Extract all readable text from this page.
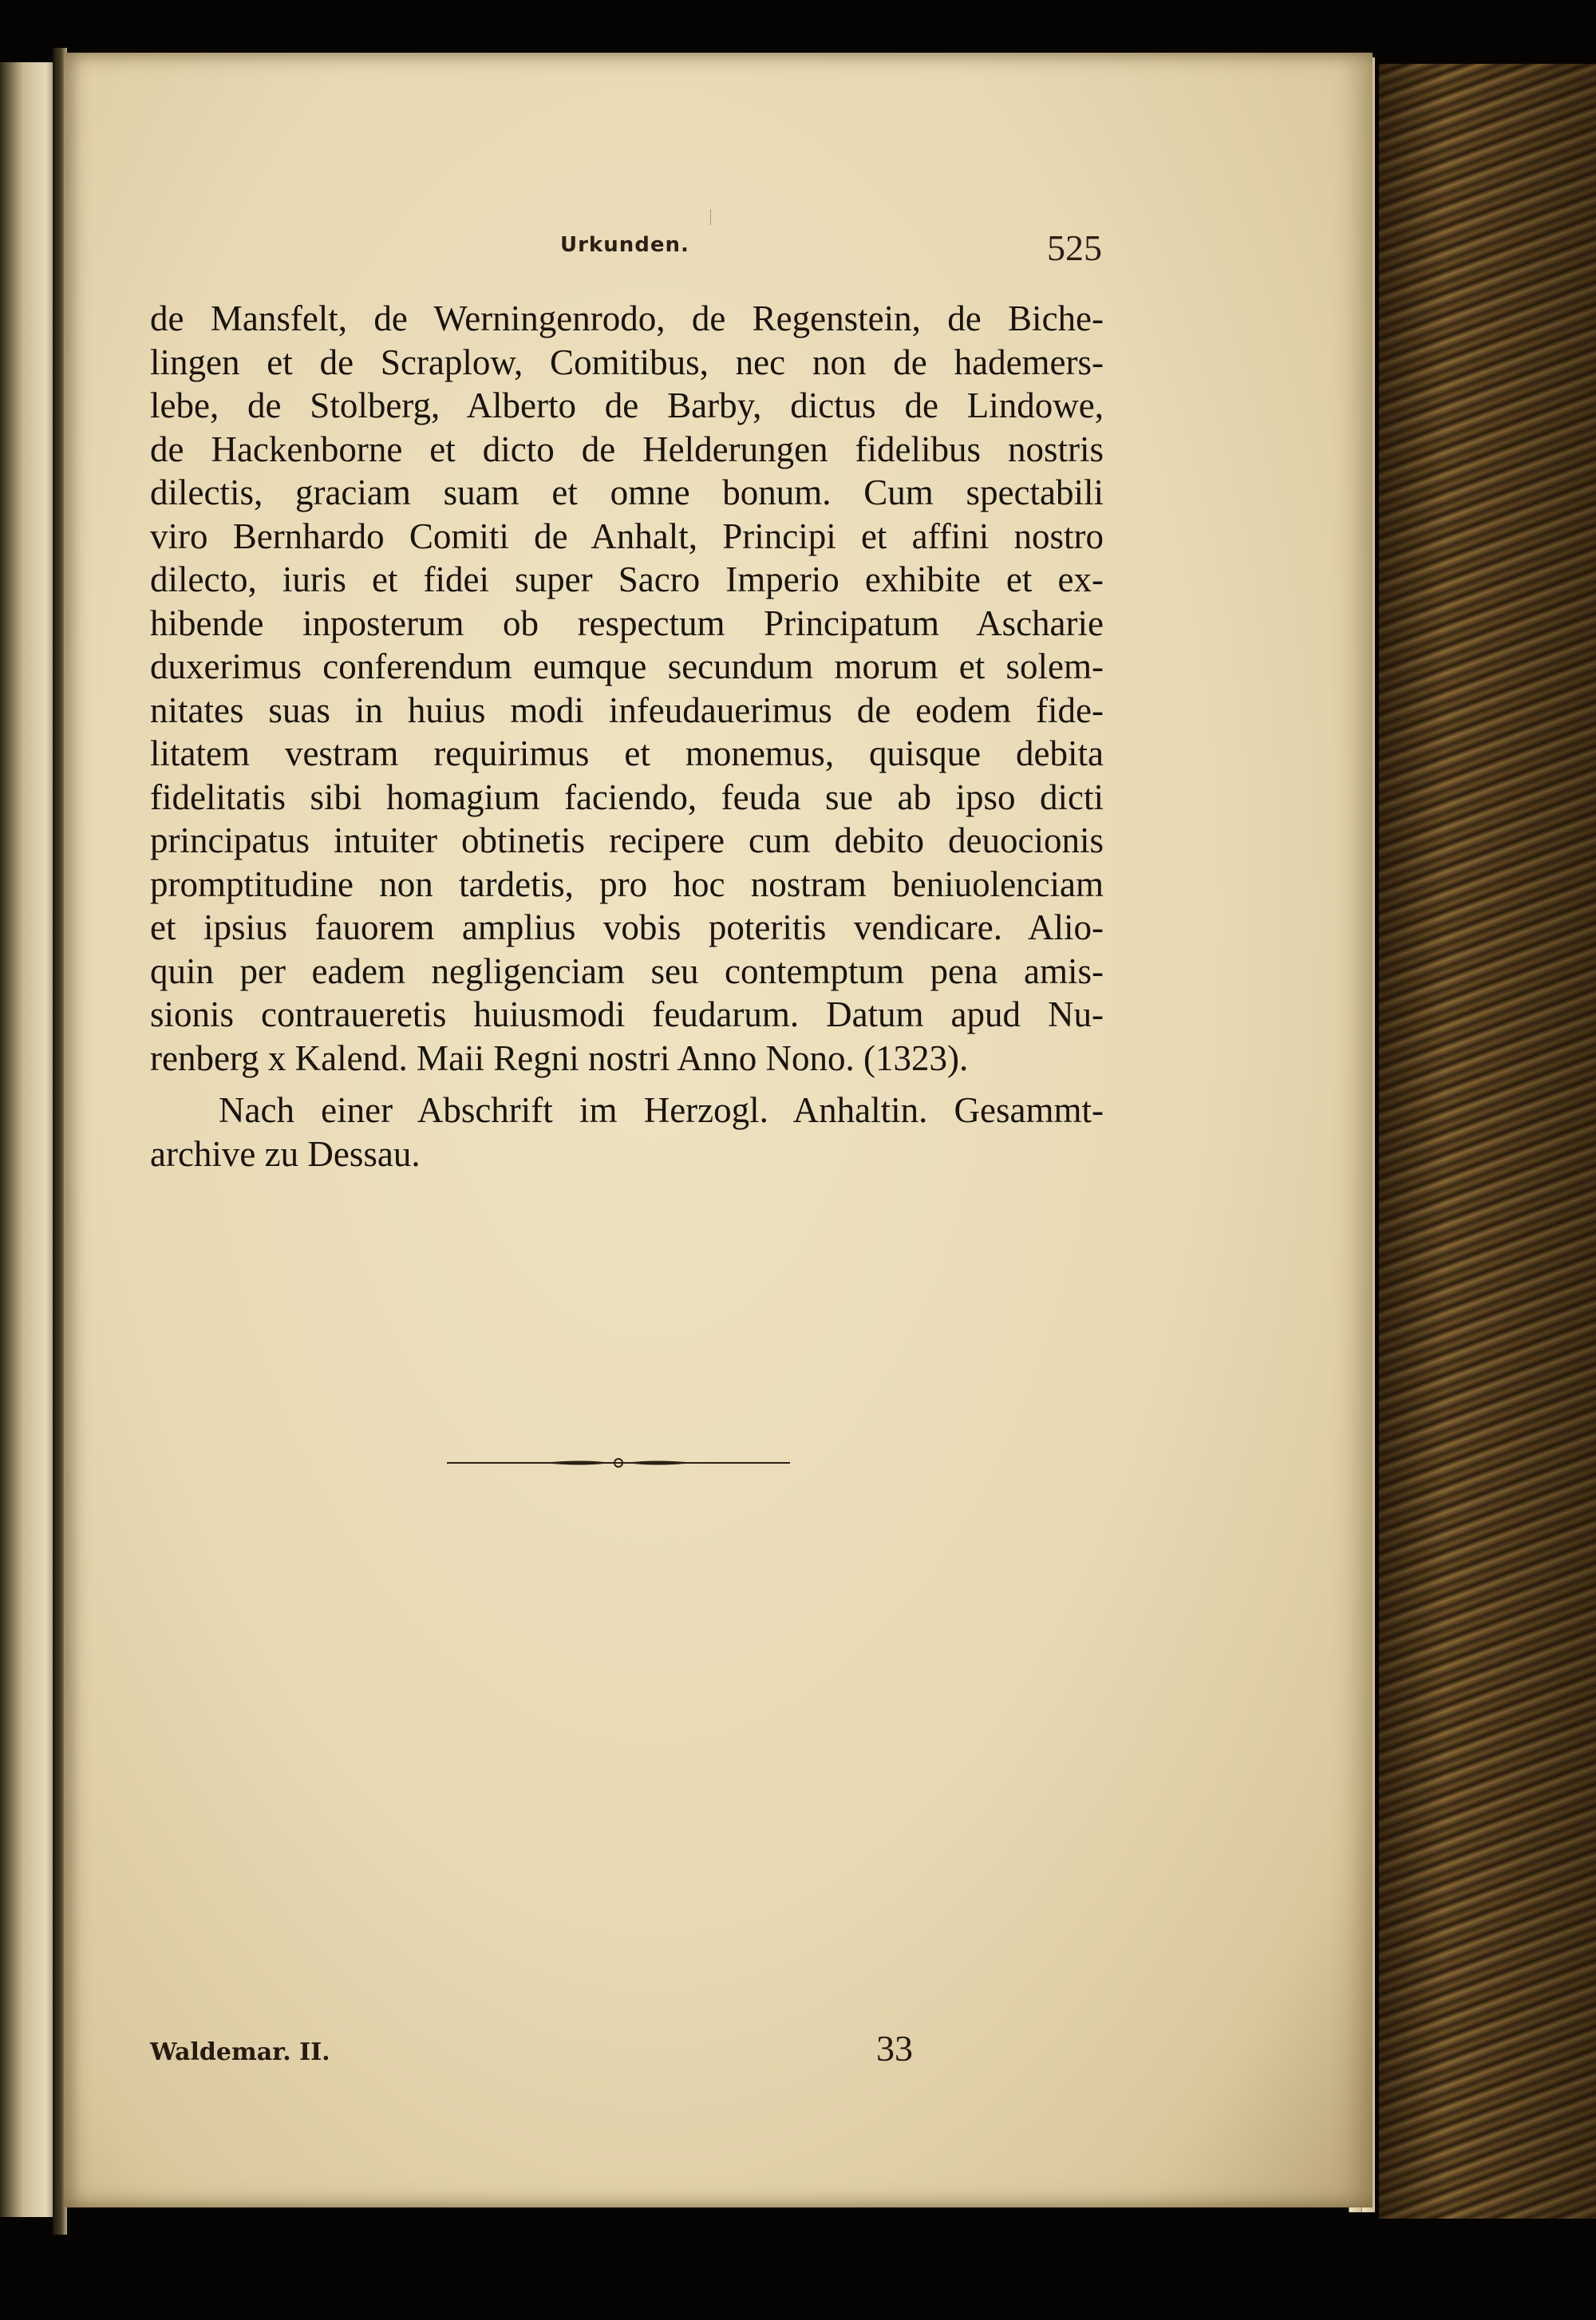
Urkunden.	525
de Mansfelt, de Werningenrodo, de Regenstein, de Biche-
lingen et de Scraplow, Comitibus, nec non de hademers-
lebe, de Stolberg, Alberto de Barby, dictus de Lindowe,
de Hackenborne et dicto de Helderungen fidelibus nostris
dilectis, graciam suam et omne bonum. Cum spectabili
viro Bernhardo Comiti de Anhalt, Principi et affini nostro
dilecto, iuris et fidei super Sacro Imperio exhibite et ex-
hibende inposterum ob respectum Principatum Ascharie
duxerimus conferendum eumque secundum morum et solem-
nitates suas in huius modi infeudauerimus de eodem fide-
litatem vestram requirimus et monemus, quisque debita
fidelitatis sibi homagium faciendo, feuda sue ab ipso dicti
principatus intuiter obtinetis recipere cum debito deuocionis
promptitudine non tardetis, pro hoc nostram beniuolenciam
et ipsius fauorem amplius vobis poteritis vendicare. Alio-
quin per eadem negligenciam seu contemptum pena amis-
sionis contraueretis huiusmodi feudarum. Datum apud Nu-
renberg x Kalend. Maii Regni nostri Anno Nono. (1323).
Nach einer Abschrift im Herzogl. Anhaltin. Gesammt-
archive zu Dessau.
Waldemar. II.	33
